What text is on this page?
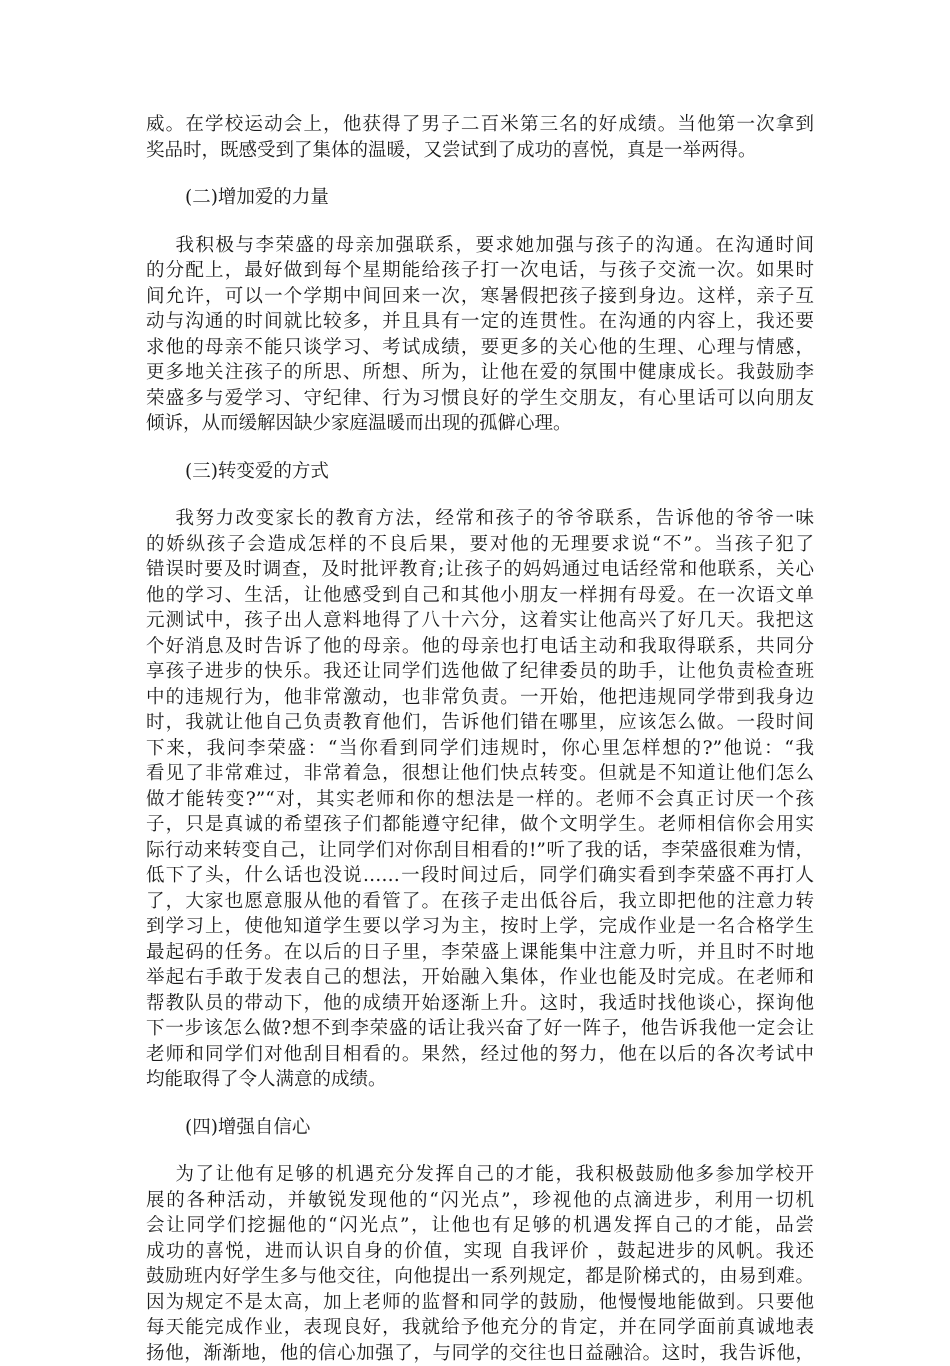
威。在学校运动会上，他获得了男子二百米第三名的好成绩。当他第一次拿到
奖品时，既感受到了集体的温暖，又尝试到了成功的喜悦，真是一举两得。
(二)增加爱的力量
我积极与李荣盛的母亲加强联系，要求她加强与孩子的沟通。在沟通时间
的分配上，最好做到每个星期能给孩子打一次电话，与孩子交流一次。如果时
间允许，可以一个学期中间回来一次，寒暑假把孩子接到身边。这样，亲子互
动与沟通的时间就比较多，并且具有一定的连贯性。在沟通的内容上，我还要
求他的母亲不能只谈学习、考试成绩，要更多的关心他的生理、心理与情感，
更多地关注孩子的所思、所想、所为，让他在爱的氛围中健康成长。我鼓励李
荣盛多与爱学习、守纪律、行为习惯良好的学生交朋友，有心里话可以向朋友
倾诉，从而缓解因缺少家庭温暖而出现的孤僻心理。
(三)转变爱的方式
我努力改变家长的教育方法，经常和孩子的爷爷联系，告诉他的爷爷一味
的娇纵孩子会造成怎样的不良后果，要对他的无理要求说“不”。当孩子犯了
错误时要及时调查，及时批评教育;让孩子的妈妈通过电话经常和他联系，关心
他的学习、生活，让他感受到自己和其他小朋友一样拥有母爱。在一次语文单
元测试中，孩子出人意料地得了八十六分，这着实让他高兴了好几天。我把这
个好消息及时告诉了他的母亲。他的母亲也打电话主动和我取得联系，共同分
享孩子进步的快乐。我还让同学们选他做了纪律委员的助手，让他负责检查班
中的违规行为，他非常激动，也非常负责。一开始，他把违规同学带到我身边
时，我就让他自己负责教育他们，告诉他们错在哪里，应该怎么做。一段时间
下来，我问李荣盛：“当你看到同学们违规时，你心里怎样想的?”他说：“我
看见了非常难过，非常着急，很想让他们快点转变。但就是不知道让他们怎么
做才能转变?”“对，其实老师和你的想法是一样的。老师不会真正讨厌一个孩
子，只是真诚的希望孩子们都能遵守纪律，做个文明学生。老师相信你会用实
际行动来转变自己，让同学们对你刮目相看的!”听了我的话，李荣盛很难为情，
低下了头，什么话也没说……一段时间过后，同学们确实看到李荣盛不再打人
了，大家也愿意服从他的看管了。在孩子走出低谷后，我立即把他的注意力转
到学习上，使他知道学生要以学习为主，按时上学，完成作业是一名合格学生
最起码的任务。在以后的日子里，李荣盛上课能集中注意力听，并且时不时地
举起右手敢于发表自己的想法，开始融入集体，作业也能及时完成。在老师和
帮教队员的带动下，他的成绩开始逐渐上升。这时，我适时找他谈心，探询他
下一步该怎么做?想不到李荣盛的话让我兴奋了好一阵子，他告诉我他一定会让
老师和同学们对他刮目相看的。果然，经过他的努力，他在以后的各次考试中
均能取得了令人满意的成绩。
(四)增强自信心
为了让他有足够的机遇充分发挥自己的才能，我积极鼓励他多参加学校开
展的各种活动，并敏锐发现他的“闪光点”，珍视他的点滴进步，利用一切机
会让同学们挖掘他的“闪光点”，让他也有足够的机遇发挥自己的才能，品尝
成功的喜悦，进而认识自身的价值，实现 自我评价 ，鼓起进步的风帆。我还
鼓励班内好学生多与他交往，向他提出一系列规定，都是阶梯式的，由易到难。
因为规定不是太高，加上老师的监督和同学的鼓励，他慢慢地能做到。只要他
每天能完成作业，表现良好，我就给予他充分的肯定，并在同学面前真诚地表
扬他，渐渐地，他的信心加强了，与同学的交往也日益融洽。这时，我告诉他，
